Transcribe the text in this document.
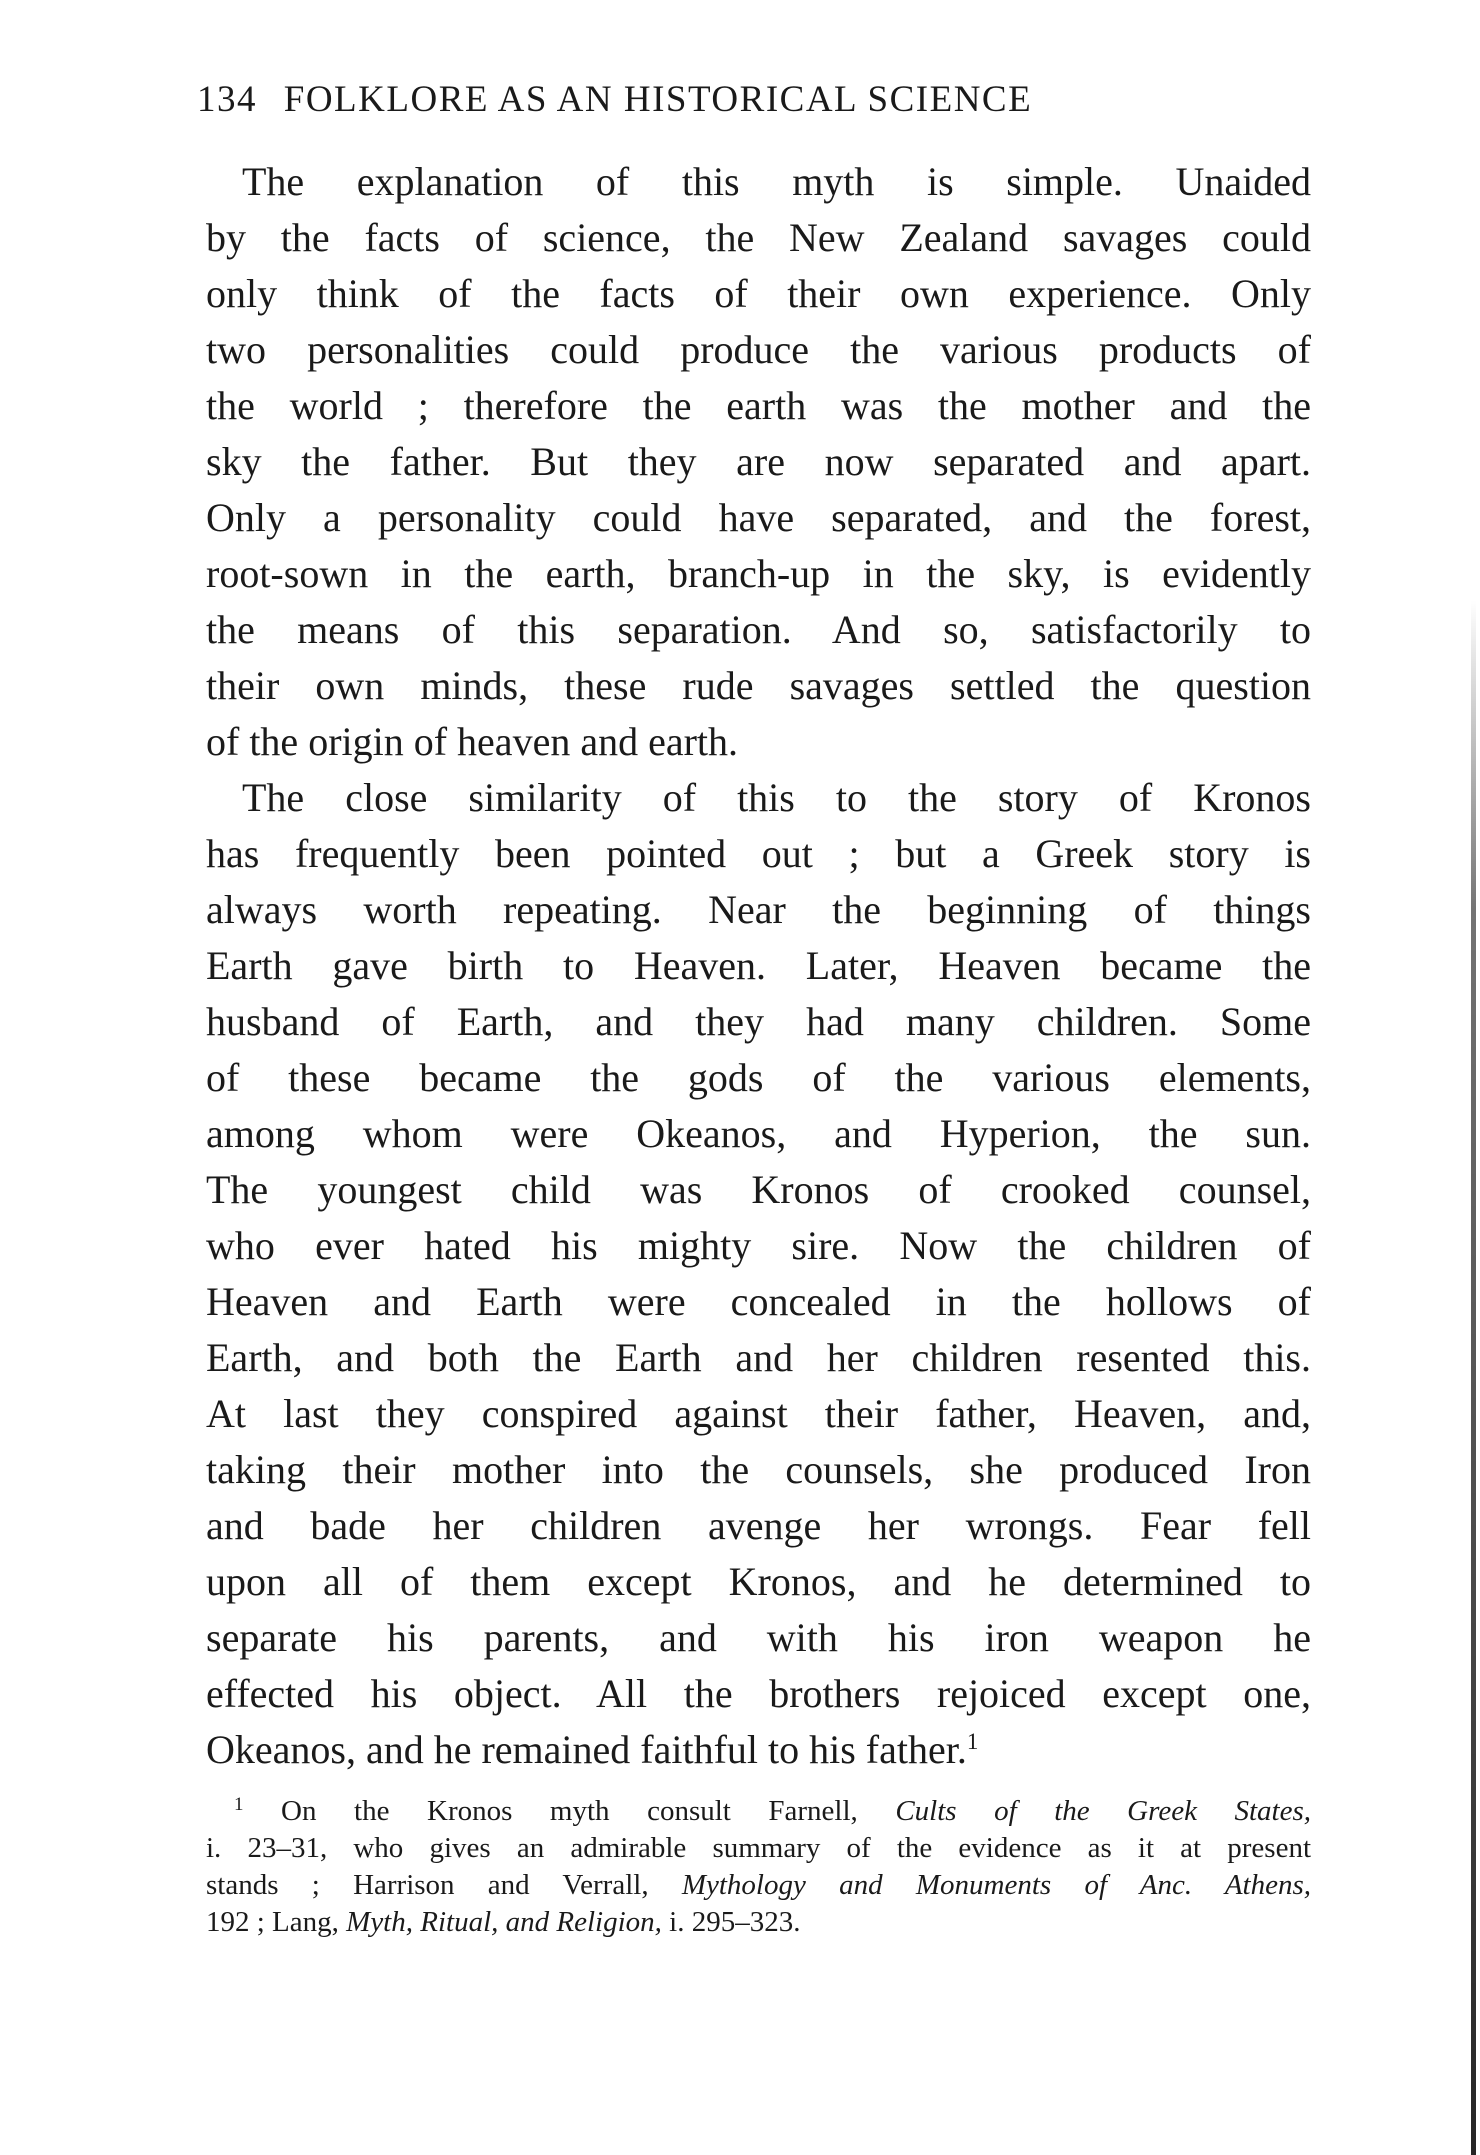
134 FOLKLORE AS AN HISTORICAL SCIENCE
The explanation of this myth is simple. Unaided
by the facts of science, the New Zealand savages could
only think of the facts of their own experience. Only
two personalities could produce the various products of
the world ; therefore the earth was the mother and the
sky the father. But they are now separated and apart.
Only a personality could have separated, and the forest,
root-sown in the earth, branch-up in the sky, is evidently
the means of this separation. And so, satisfactorily to
their own minds, these rude savages settled the question
of the origin of heaven and earth.
The close similarity of this to the story of Kronos
has frequently been pointed out ; but a Greek story is
always worth repeating. Near the beginning of things
Earth gave birth to Heaven. Later, Heaven became the
husband of Earth, and they had many children. Some
of these became the gods of the various elements,
among whom were Okeanos, and Hyperion, the sun.
The youngest child was Kronos of crooked counsel,
who ever hated his mighty sire. Now the children of
Heaven and Earth were concealed in the hollows of
Earth, and both the Earth and her children resented this.
At last they conspired against their father, Heaven, and,
taking their mother into the counsels, she produced Iron
and bade her children avenge her wrongs. Fear fell
upon all of them except Kronos, and he determined to
separate his parents, and with his iron weapon he
effected his object. All the brothers rejoiced except one,
Okeanos, and he remained faithful to his father.$^1$
$^1$ On the Kronos myth consult Farnell, Cults of the Greek States,
i. 23–31, who gives an admirable summary of the evidence as it at present
stands ; Harrison and Verrall, Mythology and Monuments of Anc. Athens,
192 ; Lang, Myth, Ritual, and Religion, i. 295–323.
